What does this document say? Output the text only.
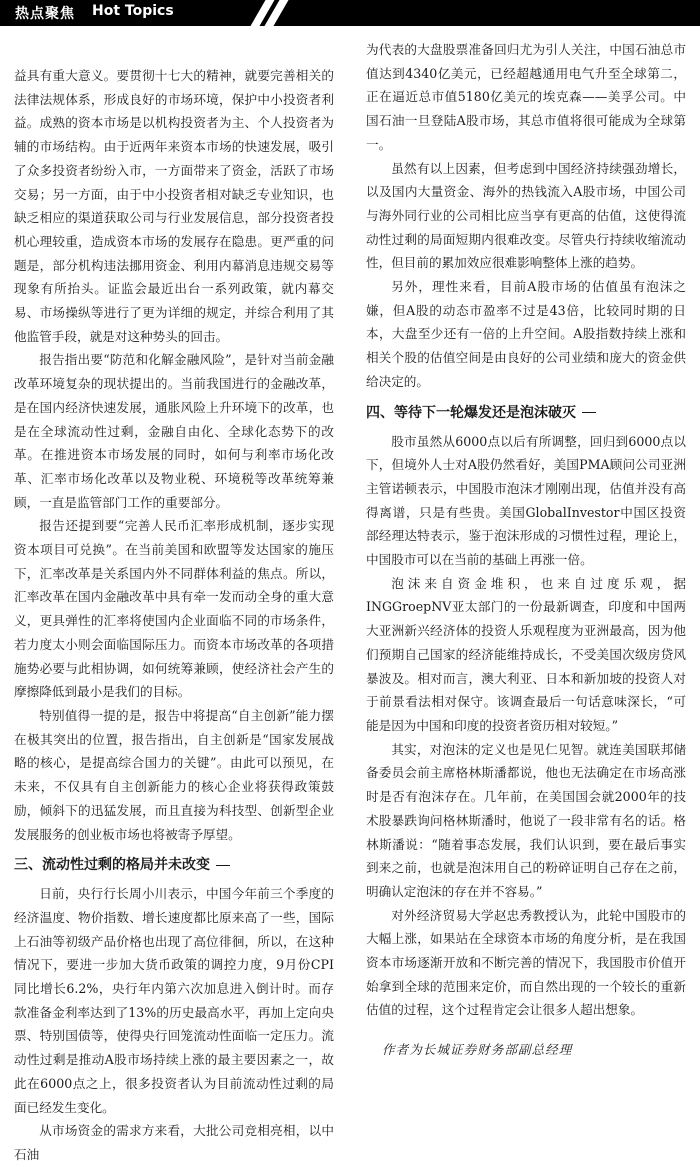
热点聚焦 Hot Topics

益具有重大意义。要贯彻十七大的精神，就要完善相关的法律法规体系，形成良好的市场环境，保护中小投资者利益。成熟的资本市场是以机构投资者为主、个人投资者为辅的市场结构。由于近两年来资本市场的快速发展，吸引了众多投资者纷纷入市，一方面带来了资金，活跃了市场交易；另一方面，由于中小投资者相对缺乏专业知识，也缺乏相应的渠道获取公司与行业发展信息，部分投资者投机心理较重，造成资本市场的发展存在隐患。更严重的问题是，部分机构违法挪用资金、利用内幕消息违规交易等现象有所抬头。证监会最近出台一系列政策，就内幕交易、市场操纵等进行了更为详细的规定，并综合利用了其他监管手段，就是对这种势头的回击。

报告指出要“防范和化解金融风险”，是针对当前金融改革环境复杂的现状提出的。当前我国进行的金融改革，是在国内经济快速发展，通胀风险上升环境下的改革，也是在全球流动性过剩，金融自由化、全球化态势下的改革。在推进资本市场发展的同时，如何与利率市场化改革、汇率市场化改革以及物业税、环境税等改革统筹兼顾，一直是监管部门工作的重要部分。

报告还提到要“完善人民币汇率形成机制，逐步实现资本项目可兑换”。在当前美国和欧盟等发达国家的施压下，汇率改革是关系国内外不同群体利益的焦点。所以，汇率改革在国内金融改革中具有牵一发而动全身的重大意义，更具弹性的汇率将使国内企业面临不同的市场条件，若力度太小则会面临国际压力。而资本市场改革的各项措施势必要与此相协调，如何统筹兼顾，使经济社会产生的摩擦降低到最小是我们的目标。

特别值得一提的是，报告中将提高“自主创新”能力摆在极其突出的位置，报告指出，自主创新是“国家发展战略的核心，是提高综合国力的关键”。由此可以预见，在未来，不仅具有自主创新能力的核心企业将获得政策鼓励，倾斜下的迅猛发展，而且直接为科技型、创新型企业发展服务的创业板市场也将被寄予厚望。

三、流动性过剩的格局并未改变

日前，央行行长周小川表示，中国今年前三个季度的经济温度、物价指数、增长速度都比原来高了一些，国际上石油等初级产品价格也出现了高位徘徊，所以，在这种情况下，要进一步加大货币政策的调控力度，9月份CPI同比增长6.2%，央行年内第六次加息进入倒计时。而存款准备金利率达到了13%的历史最高水平，再加上定向央票、特别国债等，使得央行回笼流动性面临一定压力。流动性过剩是推动A股市场持续上涨的最主要因素之一，故此在6000点之上，很多投资者认为目前流动性过剩的局面已经发生变化。

从市场资金的需求方来看，大批公司竞相亮相，以中石油

为代表的大盘股票准备回归尤为引人关注，中国石油总市值达到4340亿美元，已经超越通用电气升至全球第二，正在逼近总市值5180亿美元的埃克森——美孚公司。中国石油一旦登陆A股市场，其总市值将很可能成为全球第一。

虽然有以上因素，但考虑到中国经济持续强劲增长，以及国内大量资金、海外的热钱流入A股市场，中国公司与海外同行业的公司相比应当享有更高的估值，这使得流动性过剩的局面短期内很难改变。尽管央行持续收缩流动性，但目前的累加效应很难影响整体上涨的趋势。

另外，理性来看，目前A股市场的估值虽有泡沫之嫌，但A股的动态市盈率不过是43倍，比较同时期的日本，大盘至少还有一倍的上升空间。A股指数持续上涨和相关个股的估值空间是由良好的公司业绩和庞大的资金供给决定的。

四、等待下一轮爆发还是泡沫破灭

股市虽然从6000点以后有所调整，回归到6000点以下，但境外人士对A股仍然看好，美国PMA顾问公司亚洲主管诺顿表示，中国股市泡沫才刚刚出现，估值并没有高得离谱，只是有些贵。美国GlobalInvestor中国区投资部经理达特表示，鉴于泡沫形成的习惯性过程，理论上，中国股市可以在当前的基础上再涨一倍。

泡沫来自资金堆积，也来自过度乐观，据INGGroepNV亚太部门的一份最新调查，印度和中国两大亚洲新兴经济体的投资人乐观程度为亚洲最高，因为他们预期自己国家的经济能维持成长，不受美国次级房贷风暴波及。相对而言，澳大利亚、日本和新加坡的投资人对于前景看法相对保守。该调查最后一句话意味深长，“可能是因为中国和印度的投资者资历相对较短。”

其实，对泡沫的定义也是见仁见智。就连美国联邦储备委员会前主席格林斯潘都说，他也无法确定在市场高涨时是否有泡沫存在。几年前，在美国国会就2000年的技术股暴跌询问格林斯潘时，他说了一段非常有名的话。格林斯潘说：“随着事态发展，我们认识到，要在最后事实到来之前，也就是泡沫用自己的粉碎证明自己存在之前，明确认定泡沫的存在并不容易。”

对外经济贸易大学赵忠秀教授认为，此轮中国股市的大幅上涨，如果站在全球资本市场的角度分析，是在我国资本市场逐渐开放和不断完善的情况下，我国股市价值开始拿到全球的范围来定价，而自然出现的一个较长的重新估值的过程，这个过程肯定会让很多人超出想象。

作者为长城证券财务部副总经理
